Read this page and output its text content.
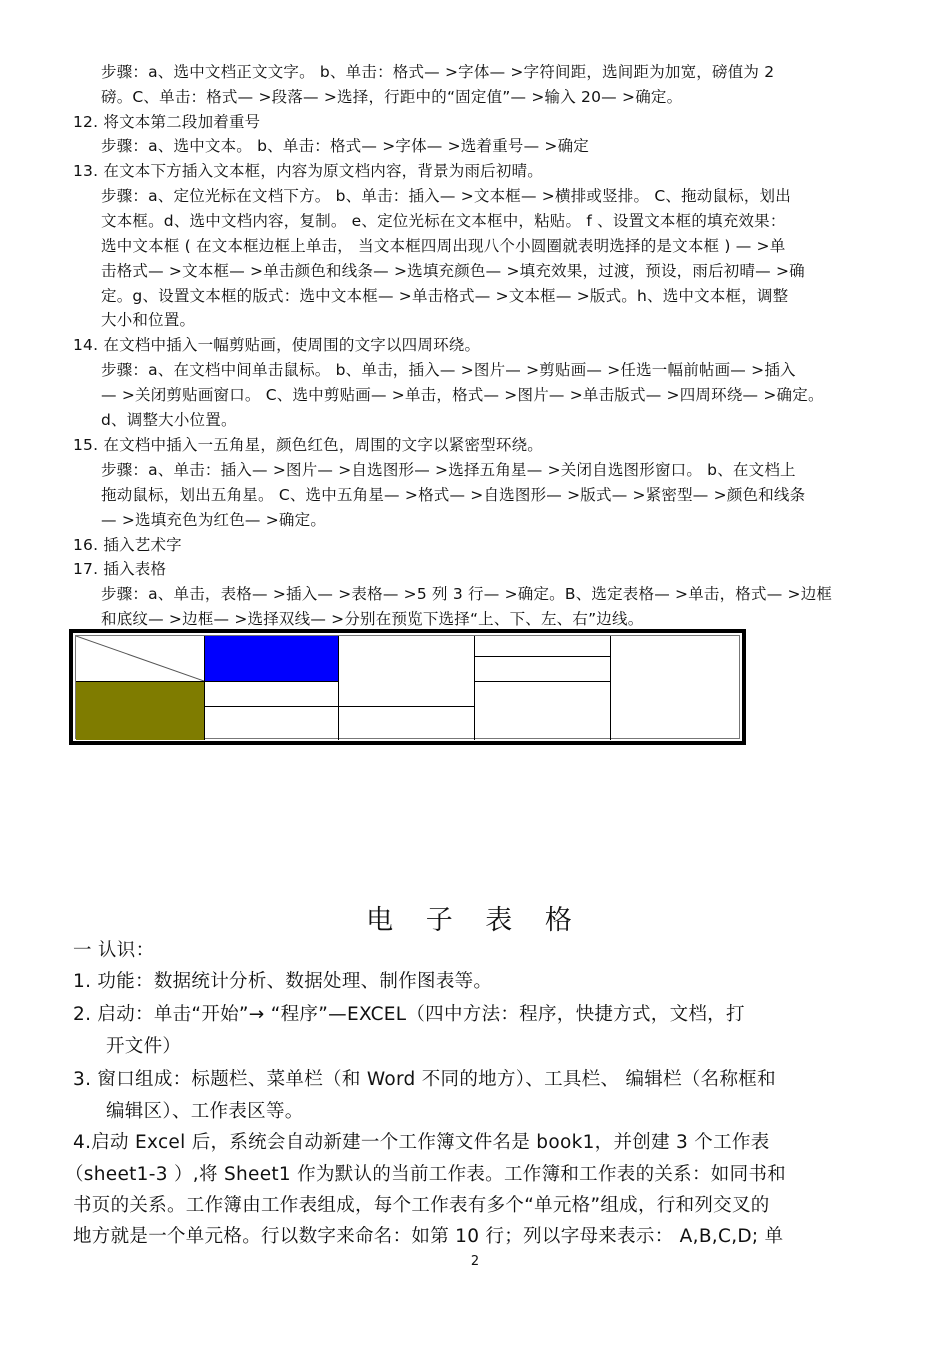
步骤：a、选中文档正文文字。 b、单击：格式— >字体— >字符间距，选间距为加宽，磅值为 2
磅。C、单击：格式— >段落— >选择，行距中的“固定值”— >输入 20— >确定。
12. 将文本第二段加着重号
步骤：a、选中文本。 b、单击：格式— >字体— >选着重号— >确定
13. 在文本下方插入文本框，内容为原文档内容，背景为雨后初晴。
步骤：a、定位光标在文档下方。 b、单击：插入— >文本框— >横排或竖排。 C、拖动鼠标，划出
文本框。d、选中文档内容，复制。 e、定位光标在文本框中，粘贴。 f 、设置文本框的填充效果：
选中文本框 ( 在文本框边框上单击， 当文本框四周出现八个小圆圈就表明选择的是文本框 ) — >单
击格式— >文本框— >单击颜色和线条— >选填充颜色— >填充效果，过渡，预设，雨后初晴— >确
定。g、设置文本框的版式：选中文本框— >单击格式— >文本框— >版式。h、选中文本框，调整
大小和位置。
14. 在文档中插入一幅剪贴画，使周围的文字以四周环绕。
步骤：a、在文档中间单击鼠标。 b、单击，插入— >图片— >剪贴画— >任选一幅前帖画— >插入
— >关闭剪贴画窗口。 C、选中剪贴画— >单击，格式— >图片— >单击版式— >四周环绕— >确定。
d、调整大小位置。
15. 在文档中插入一五角星，颜色红色，周围的文字以紧密型环绕。
步骤：a、单击：插入— >图片— >自选图形— >选择五角星— >关闭自选图形窗口。 b、在文档上
拖动鼠标，划出五角星。 C、选中五角星— >格式— >自选图形— >版式— >紧密型— >颜色和线条
— >选填充色为红色— >确定。
16. 插入艺术字
17. 插入表格
步骤：a、单击，表格— >插入— >表格— >5 列 3 行— >确定。B、选定表格— >单击，格式— >边框
和底纹— >边框— >选择双线— >分别在预览下选择“上、下、左、右”边线。
电 子 表 格
一 认识：
1. 功能：数据统计分析、数据处理、制作图表等。
2. 启动：单击“开始”→ “程序”—EXCEL（四中方法：程序，快捷方式，文档，打
开文件）
3. 窗口组成：标题栏、菜单栏（和 Word 不同的地方）、工具栏、 编辑栏（名称框和
编辑区）、工作表区等。
4.启动 Excel 后，系统会自动新建一个工作簿文件名是 book1，并创建 3 个工作表
（sheet1-3 ）,将 Sheet1 作为默认的当前工作表。工作簿和工作表的关系：如同书和
书页的关系。工作簿由工作表组成，每个工作表有多个“单元格”组成，行和列交叉的
地方就是一个单元格。行以数字来命名：如第 10 行；列以字母来表示： A,B,C,D; 单
2
